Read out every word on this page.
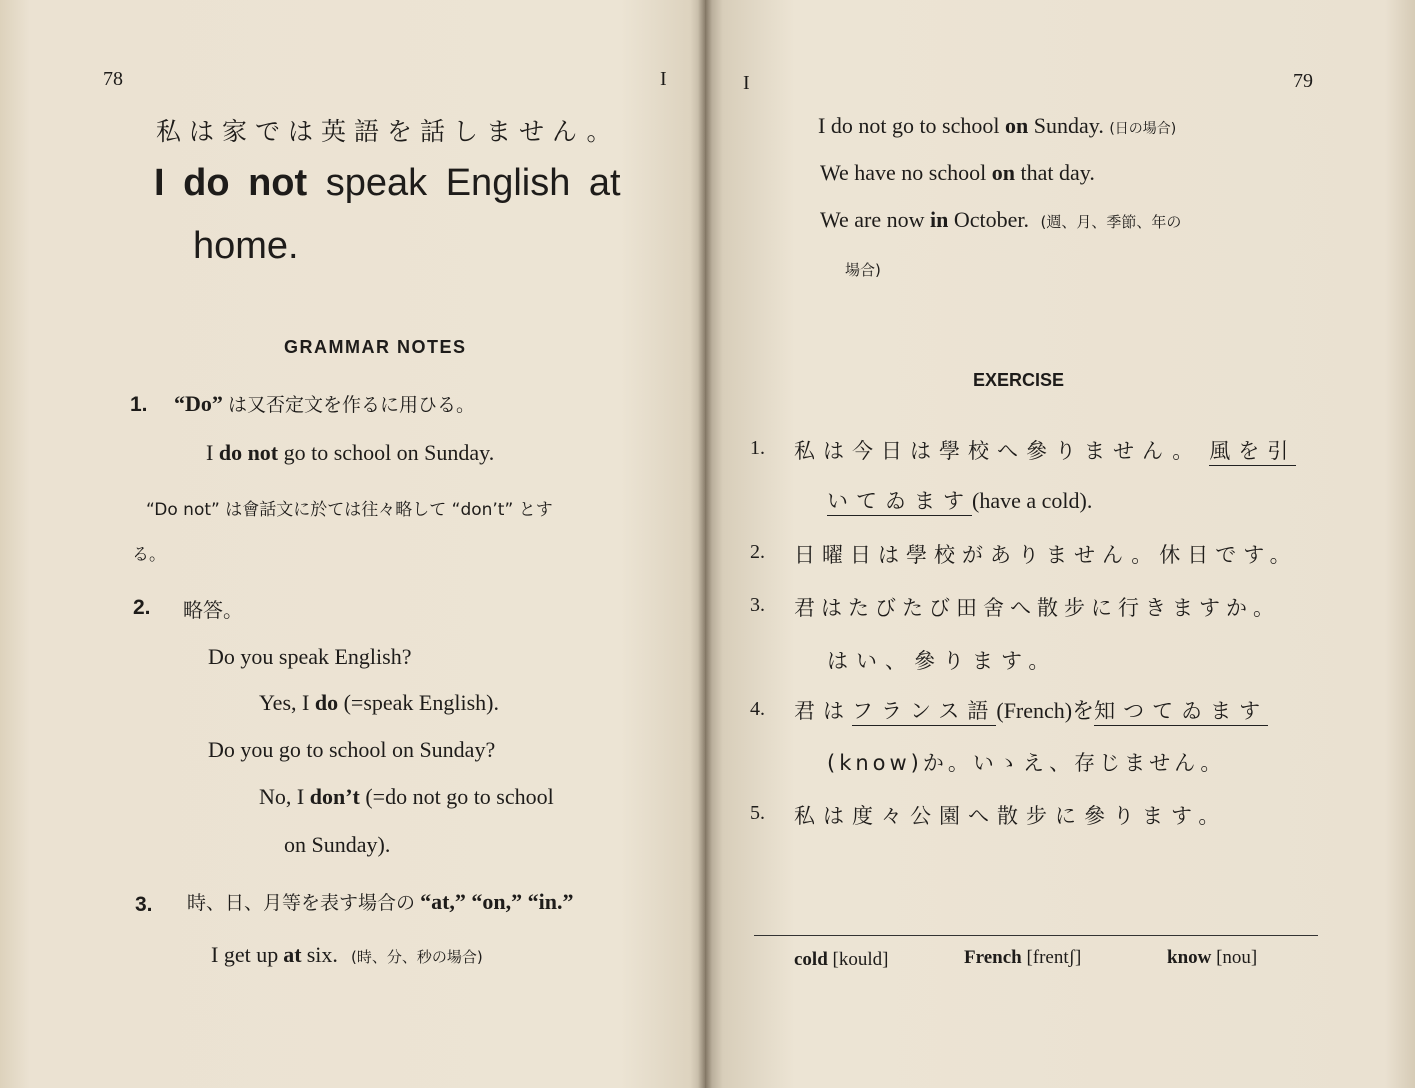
78	I
私は家では英語を話しません。
I do not speak English at
home.
GRAMMAR NOTES
1. “Do” は又否定文を作るに用ひる。
I do not go to school on Sunday.
“Do not” は會話文に於ては往々略して “don’t” とす
る。
2. 略答。
Do you speak English?
Yes, I do (=speak English).
Do you go to school on Sunday?
No, I don’t (=do not go to school
on Sunday).
3. 時、日、月等を表す場合の “at,” “on,” “in.”
I get up at six. (時、分、秒の場合)
I	79
I do not go to school on Sunday. (日の場合)
We have no school on that day.
We are now in October. (週、月、季節、年の
場合)
EXERCISE
1. 私は今日は學校へ參りません。 風を引
いてゐます(have a cold).
2. 日曜日は學校がありません。休日です。
3. 君はたびたび田舍へ散步に行きますか。
はい、參ります。
4. 君はフランス語(French)を知つてゐます
(know)か。いゝえ、存じません。
5. 私は度々公園へ散步に參ります。
cold [kould]	French [frentʃ]	know [nou]
